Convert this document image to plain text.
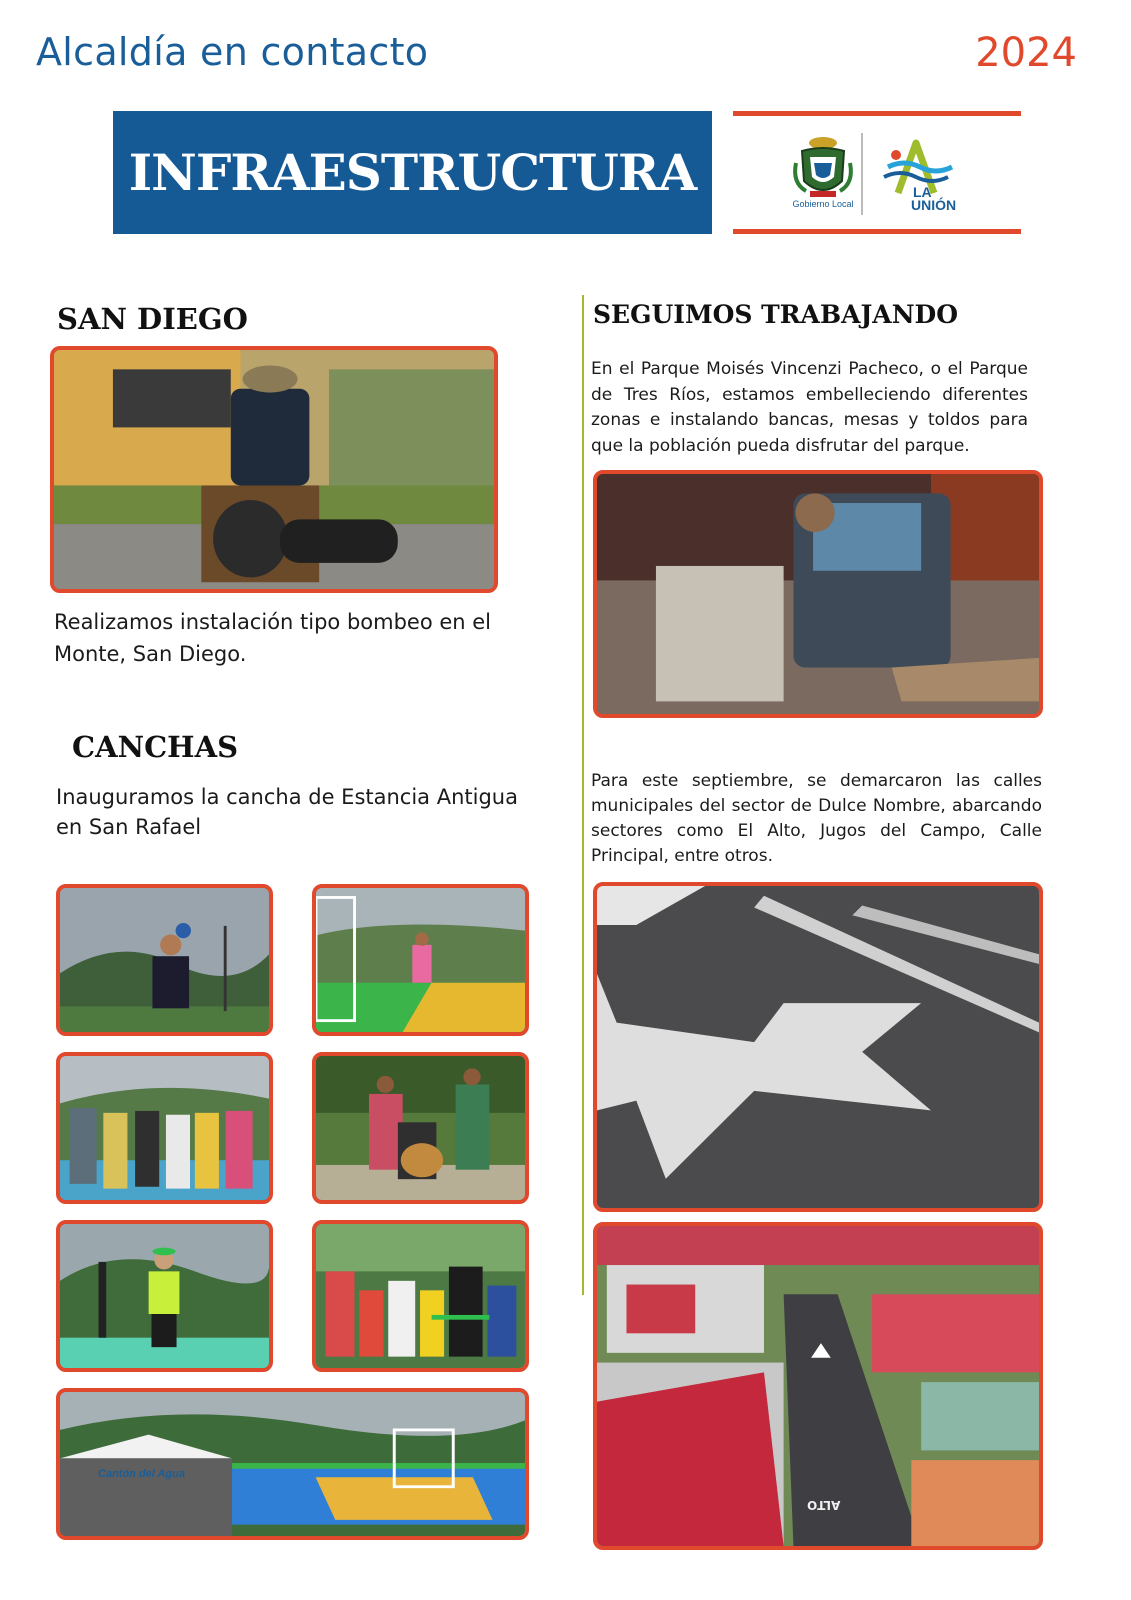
Alcaldía en contacto	2024
INFRAESTRUCTURA
Gobierno Local
LA
UNIÓN
SAN DIEGO
Realizamos instalación tipo bombeo en el Monte, San Diego.
CANCHAS
Inauguramos la cancha de Estancia Antigua en San Rafael
Cantón del Agua
SEGUIMOS TRABAJANDO
En el Parque Moisés Vincenzi Pacheco, o el Parque de Tres Ríos, estamos embelleciendo diferentes zonas e instalando bancas, mesas y toldos para que la población pueda disfrutar del parque.
Para este septiembre, se demarcaron las calles municipales del sector de Dulce Nombre, abarcando sectores como El Alto, Jugos del Campo, Calle Principal, entre otros.
ALTO
